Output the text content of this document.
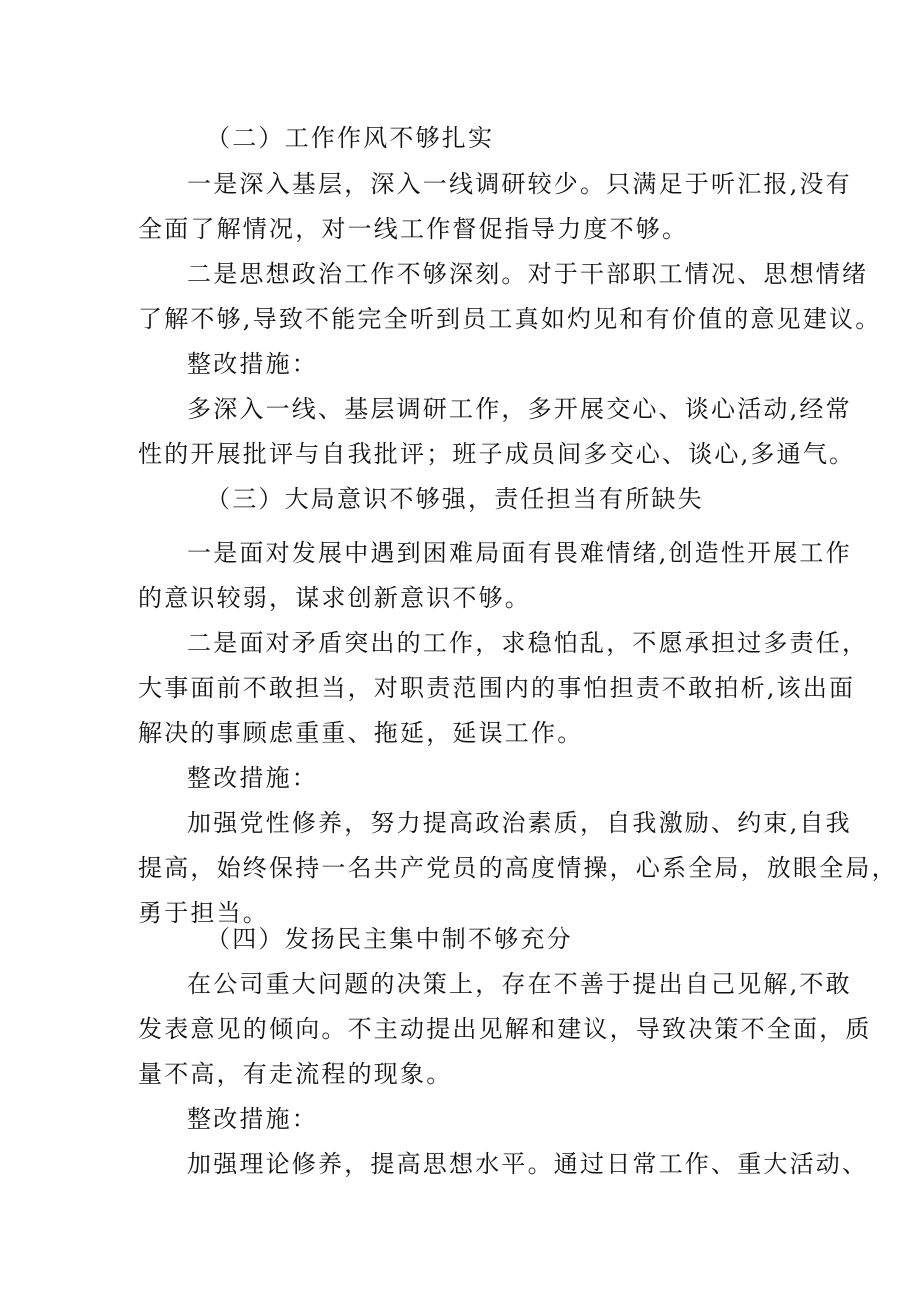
（二）工作作风不够扎实
一是深入基层，深入一线调研较少。只满足于听汇报,没有
全面了解情况，对一线工作督促指导力度不够。
二是思想政治工作不够深刻。对于干部职工情况、思想情绪
了解不够,导致不能完全听到员工真如灼见和有价值的意见建议。
整改措施：
多深入一线、基层调研工作，多开展交心、谈心活动,经常
性的开展批评与自我批评；班子成员间多交心、谈心,多通气。
（三）大局意识不够强，责任担当有所缺失
一是面对发展中遇到困难局面有畏难情绪,创造性开展工作
的意识较弱，谋求创新意识不够。
二是面对矛盾突出的工作，求稳怕乱，不愿承担过多责任，
大事面前不敢担当，对职责范围内的事怕担责不敢拍析,该出面
解决的事顾虑重重、拖延，延误工作。
整改措施：
加强党性修养，努力提高政治素质，自我激励、约束,自我
提高，始终保持一名共产党员的高度情操，心系全局，放眼全局，
勇于担当。
（四）发扬民主集中制不够充分
在公司重大问题的决策上，存在不善于提出自己见解,不敢
发表意见的倾向。不主动提出见解和建议，导致决策不全面，质
量不高，有走流程的现象。
整改措施：
加强理论修养，提高思想水平。通过日常工作、重大活动、
